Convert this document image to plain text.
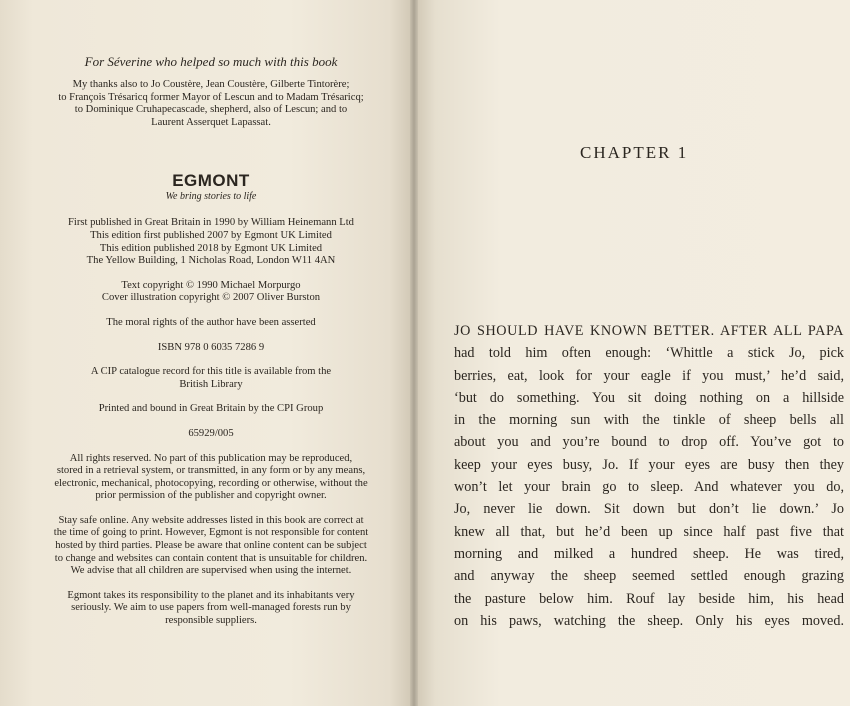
For Séverine who helped so much with this book

My thanks also to Jo Coustère, Jean Coustère, Gilberte Tintorère;
to François Trésaricq former Mayor of Lescun and to Madam Trésaricq;
to Dominique Cruhapecascade, shepherd, also of Lescun; and to
Laurent Asserquet Lapassat.

EGMONT

We bring stories to life

First published in Great Britain in 1990 by William Heinemann Ltd
This edition first published 2007 by Egmont UK Limited
This edition published 2018 by Egmont UK Limited
The Yellow Building, 1 Nicholas Road, London W11 4AN

Text copyright © 1990 Michael Morpurgo
Cover illustration copyright © 2007 Oliver Burston

The moral rights of the author have been asserted

ISBN 978 0 6035 7286 9

A CIP catalogue record for this title is available from the
British Library

Printed and bound in Great Britain by the CPI Group

65929/005

All rights reserved. No part of this publication may be reproduced,
stored in a retrieval system, or transmitted, in any form or by any means,
electronic, mechanical, photocopying, recording or otherwise, without the
prior permission of the publisher and copyright owner.

Stay safe online. Any website addresses listed in this book are correct at
the time of going to print. However, Egmont is not responsible for content
hosted by third parties. Please be aware that online content can be subject
to change and websites can contain content that is unsuitable for children.
We advise that all children are supervised when using the internet.

Egmont takes its responsibility to the planet and its inhabitants very
seriously. We aim to use papers from well-managed forests run by
responsible suppliers.

CHAPTER 1
JO SHOULD HAVE KNOWN BETTER. AFTER ALL PAPA
had told him often enough: ‘Whittle a stick Jo, pick
berries, eat, look for your eagle if you must,’ he’d said,
‘but do something. You sit doing nothing on a hillside
in the morning sun with the tinkle of sheep bells all
about you and you’re bound to drop off. You’ve got to
keep your eyes busy, Jo. If your eyes are busy then they
won’t let your brain go to sleep. And whatever you do,
Jo, never lie down. Sit down but don’t lie down.’ Jo
knew all that, but he’d been up since half past five that
morning and milked a hundred sheep. He was tired,
and anyway the sheep seemed settled enough grazing
the pasture below him. Rouf lay beside him, his head
on his paws, watching the sheep. Only his eyes moved.
